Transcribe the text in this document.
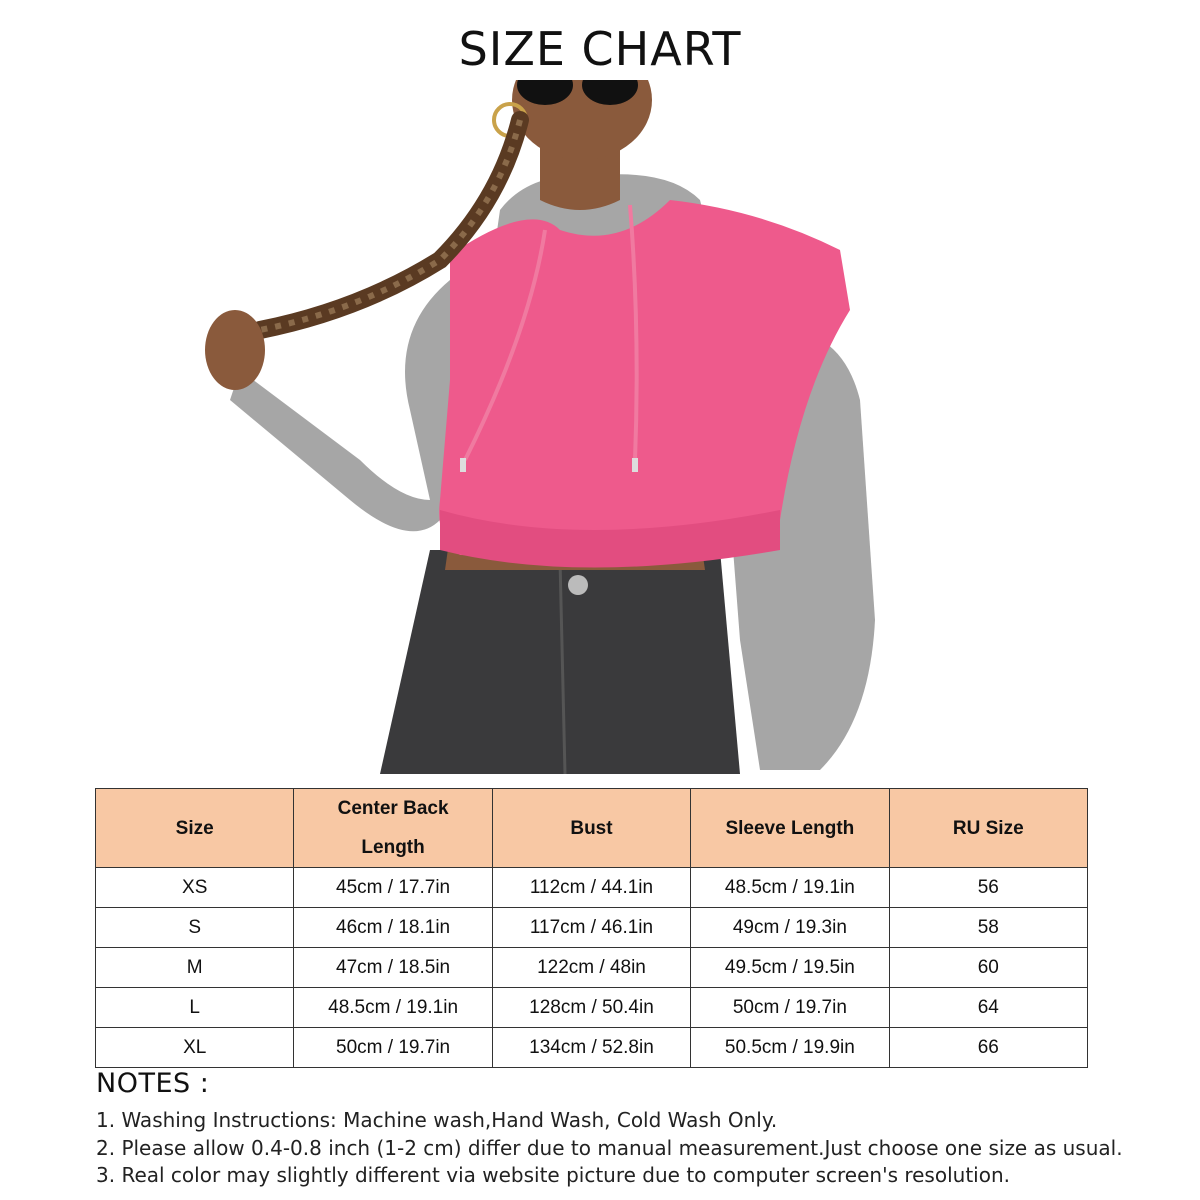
SIZE CHART
Size	Center Back Length	Bust	Sleeve Length	RU Size
XS	45cm / 17.7in	112cm / 44.1in	48.5cm / 19.1in	56
S	46cm / 18.1in	117cm / 46.1in	49cm / 19.3in	58
M	47cm / 18.5in	122cm / 48in	49.5cm / 19.5in	60
L	48.5cm / 19.1in	128cm / 50.4in	50cm / 19.7in	64
XL	50cm / 19.7in	134cm / 52.8in	50.5cm / 19.9in	66
NOTES :
1. Washing Instructions: Machine wash,Hand Wash, Cold Wash Only.
2. Please allow 0.4-0.8 inch (1-2 cm) differ due to manual measurement.Just choose one size as usual.
3. Real color may slightly different via website picture due to computer screen's resolution.
